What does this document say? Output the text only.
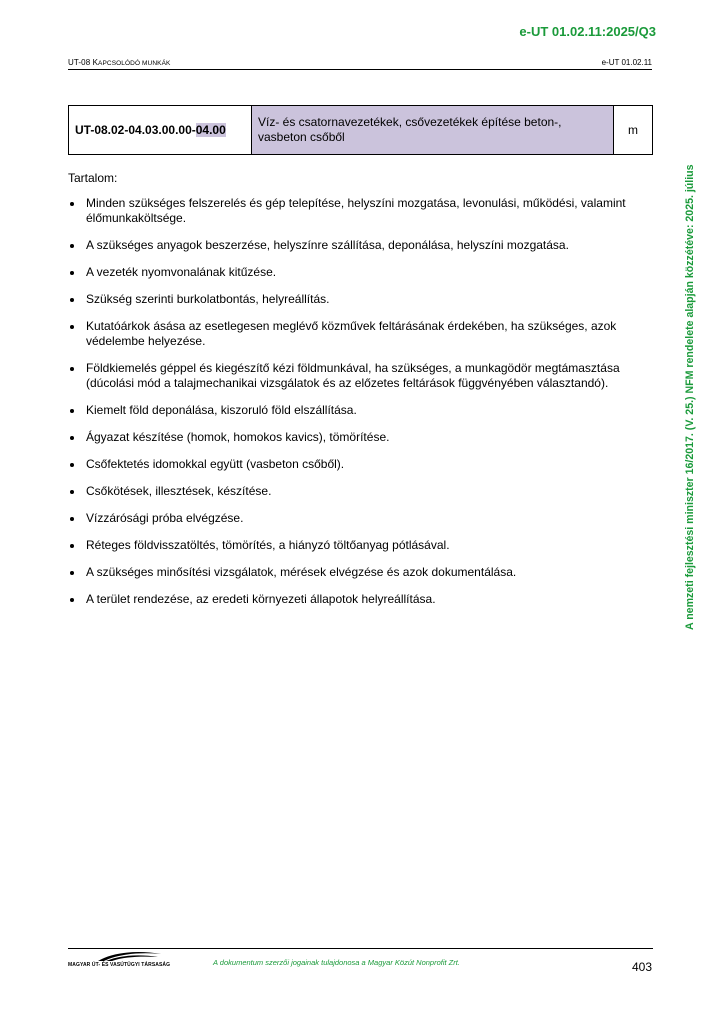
e-UT 01.02.11:2025/Q3
UT-08 KAPCSOLÓDÓ MUNKÁK	e-UT 01.02.11
A nemzeti fejlesztési miniszter 16/2017. (V. 25.) NFM rendelete alapján közzétéve: 2025. július
UT-08.02-04.03.00.00-04.00	Víz- és csatornavezetékek, csővezetékek építése beton-, vasbeton csőből	m
Tartalom:
Minden szükséges felszerelés és gép telepítése, helyszíni mozgatása, levonulási, működési, valamint élőmunkaköltsége.
A szükséges anyagok beszerzése, helyszínre szállítása, deponálása, helyszíni mozgatása.
A vezeték nyomvonalának kitűzése.
Szükség szerinti burkolatbontás, helyreállítás.
Kutatóárkok ásása az esetlegesen meglévő közművek feltárásának érdekében, ha szükséges, azok védelembe helyezése.
Földkiemelés géppel és kiegészítő kézi földmunkával, ha szükséges, a munkagödör megtámasztása (dúcolási mód a talajmechanikai vizsgálatok és az előzetes feltárások függvényében választandó).
Kiemelt föld deponálása, kiszoruló föld elszállítása.
Ágyazat készítése (homok, homokos kavics), tömörítése.
Csőfektetés idomokkal együtt (vasbeton csőből).
Csőkötések, illesztések, készítése.
Vízzárósági próba elvégzése.
Réteges földvisszatöltés, tömörítés, a hiányzó töltőanyag pótlásával.
A szükséges minősítési vizsgálatok, mérések elvégzése és azok dokumentálása.
A terület rendezése, az eredeti környezeti állapotok helyreállítása.
MAGYAR ÚT- ÉS VASÚTÜGYI TÁRSASÁG	A dokumentum szerzői jogainak tulajdonosa a Magyar Közút Nonprofit Zrt.	403
